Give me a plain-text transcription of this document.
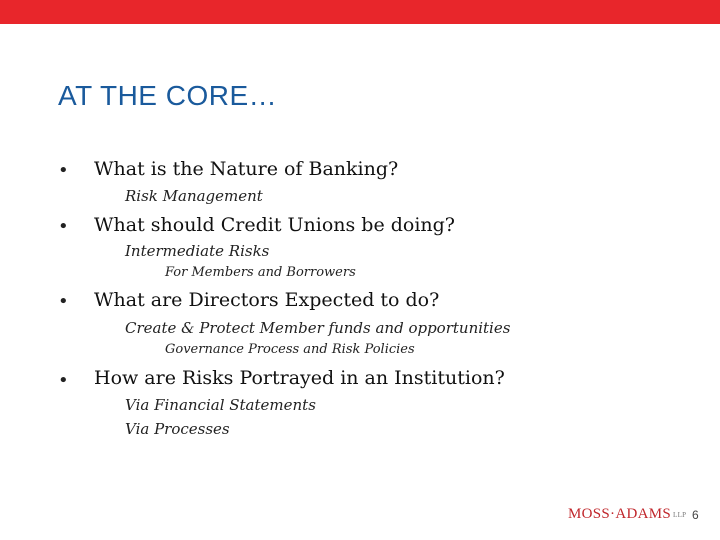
AT THE CORE…
• What is the Nature of Banking?
Risk Management
• What should Credit Unions be doing?
Intermediate Risks
For Members and Borrowers
• What are Directors Expected to do?
Create & Protect Member funds and opportunities
Governance Process and Risk Policies
• How are Risks Portrayed in an Institution?
Via Financial Statements
Via Processes
MOSS·ADAMS LLP 6
